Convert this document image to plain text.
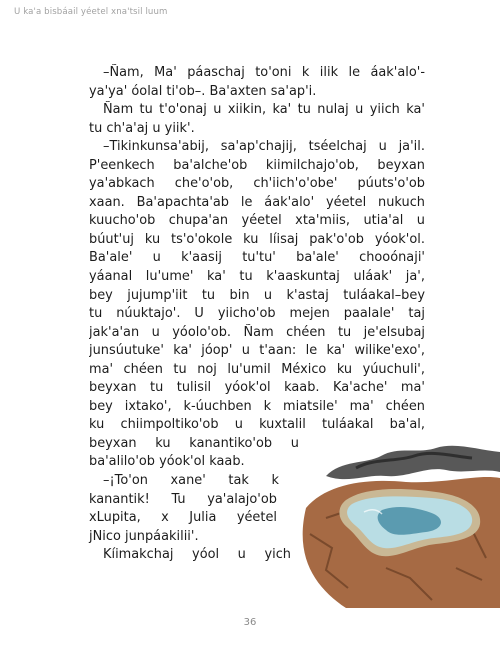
U ka'a bisbáail yéetel xna'tsil luum
–Ñam, Ma' páaschaj to'oni k ilik le áak'alo'-
ya'ya' óolal ti'ob–. Ba'axten sa'ap'i.
Ñam tu t'o'onaj u xiikin, ka' tu nulaj u yiich ka'
tu ch'a'aj u yiik'.
–Tikinkunsa'abij, sa'ap'chajij, tséelchaj u ja'il.
P'eenkech ba'alche'ob kiimilchajo'ob, beyxan
ya'abkach che'o'ob, ch'iich'o'obe' púuts'o'ob
xaan. Ba'apachta'ab le áak'alo' yéetel nukuch
kuucho'ob chupa'an yéetel xta'miis, utia'al u
búut'uj ku ts'o'okole ku líisaj pak'o'ob yóok'ol.
Ba'ale' u k'aasij tu'tu' ba'ale' chooónaji'
yáanal lu'ume' ka' tu k'aaskuntaj uláak' ja',
bey jujump'iit tu bin u k'astaj tuláakal–bey
tu núuktajo'. U yiicho'ob mejen paalale' taj
jak'a'an u yóolo'ob. Ñam chéen tu je'elsubaj
junsúutuke' ka' jóop' u t'aan: le ka' wilike'exo',
ma' chéen tu noj lu'umil México ku yúuchuli',
beyxan tu tulisil yóok'ol kaab. Ka'ache' ma'
bey ixtako', k-úuchben k miatsile' ma' chéen
ku chiimpoltiko'ob u kuxtalil tuláakal ba'al,
beyxan ku kanantiko'ob u
ba'alilo'ob yóok'ol kaab.
–¡To'on xane' tak k
kanantik! Tu ya'alajo'ob
xLupita, x Julia yéetel
jNico junpáakilii'.
Kíimakchaj yóol u yich
36
